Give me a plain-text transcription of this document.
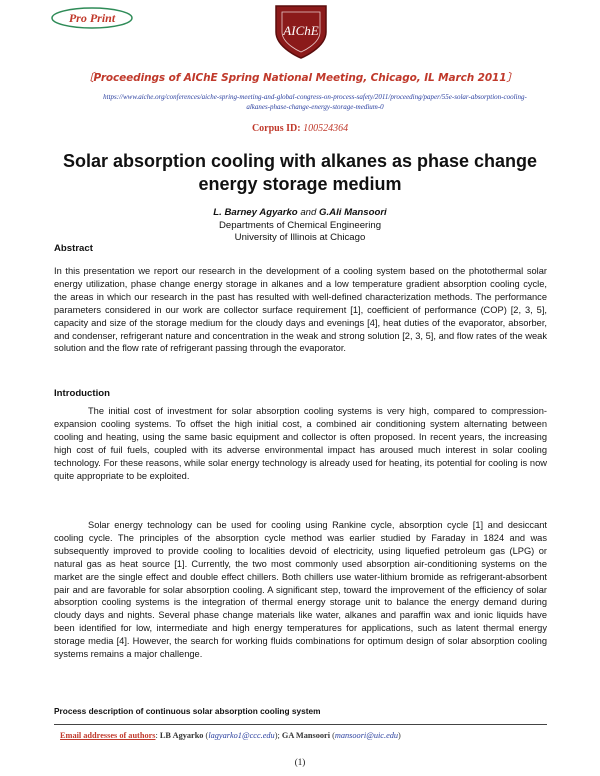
Pro Print
AIChE
〔Proceedings of AIChE Spring National Meeting, Chicago, IL March 2011〕
https://www.aiche.org/conferences/aiche-spring-meeting-and-global-congress-on-process-safety/2011/proceeding/paper/55e-solar-absorption-cooling-
alkanes-phase-change-energy-storage-medium-0
Corpus ID: 100524364
Solar absorption cooling with alkanes as phase change
energy storage medium
L. Barney Agyarko and G.Ali Mansoori
Departments of Chemical Engineering
University of Illinois at Chicago
Abstract
In this presentation we report our research in the development of a cooling system based on the photothermal solar energy utilization, phase change energy storage in alkanes and a low temperature gradient absorption cooling cycle, the areas in which our research in the past has resulted with well-defined characterization methods. The performance parameters considered in our work are collector surface requirement [1], coefficient of performance (COP) [2, 3, 5], capacity and size of the storage medium for the cloudy days and evenings [4], heat duties of the evaporator, absorber, and condenser, refrigerant nature and concentration in the weak and strong solution [2, 3, 5], and flow rates of the weak solution and the flow rate of refrigerant passing through the evaporator.
Introduction
The initial cost of investment for solar absorption cooling systems is very high, compared to compression-expansion cooling systems. To offset the high initial cost, a combined air conditioning system alternating between cooling and heating, using the same basic equipment and collector is often proposed. In recent years, the increasing high cost of fuil fuels, coupled with its adverse environmental impact has aroused much interest in solar cooling technology. For these reasons, while solar energy technology is already used for heating, its potential for cooling is now quite appropriate to be exploited.
Solar energy technology can be used for cooling using Rankine cycle, absorption cycle [1] and desiccant cooling cycle. The principles of the absorption cycle method was earlier studied by Faraday in 1824 and was subsequently improved to provide cooling to localities devoid of electricity, using liquefied petroleum gas (LPG) or natural gas as heat source [1]. Currently, the two most commonly used absorption air-conditioning systems on the market are the single effect and double effect chillers. Both chillers use water-lithium bromide as refrigerant-absorbent pair and are favorable for solar absorption cooling. A significant step, toward the improvement of the efficiency of solar absorption cooling systems is the integration of thermal energy storage unit to balance the energy demand during cloudy days and nights. Several phase change materials like water, alkanes and paraffin wax and ionic liquids have been identified for low, intermediate and high energy temperatures for applications, such as latent thermal energy storage media [4]. However, the search for working fluids combinations for optimum design of solar absorption cooling systems remains a major challenge.
Process description of continuous solar absorption cooling system
Email addresses of authors: LB Agyarko (lagyarko1@ccc.edu); GA Mansoori (mansoori@uic.edu)
(1)
